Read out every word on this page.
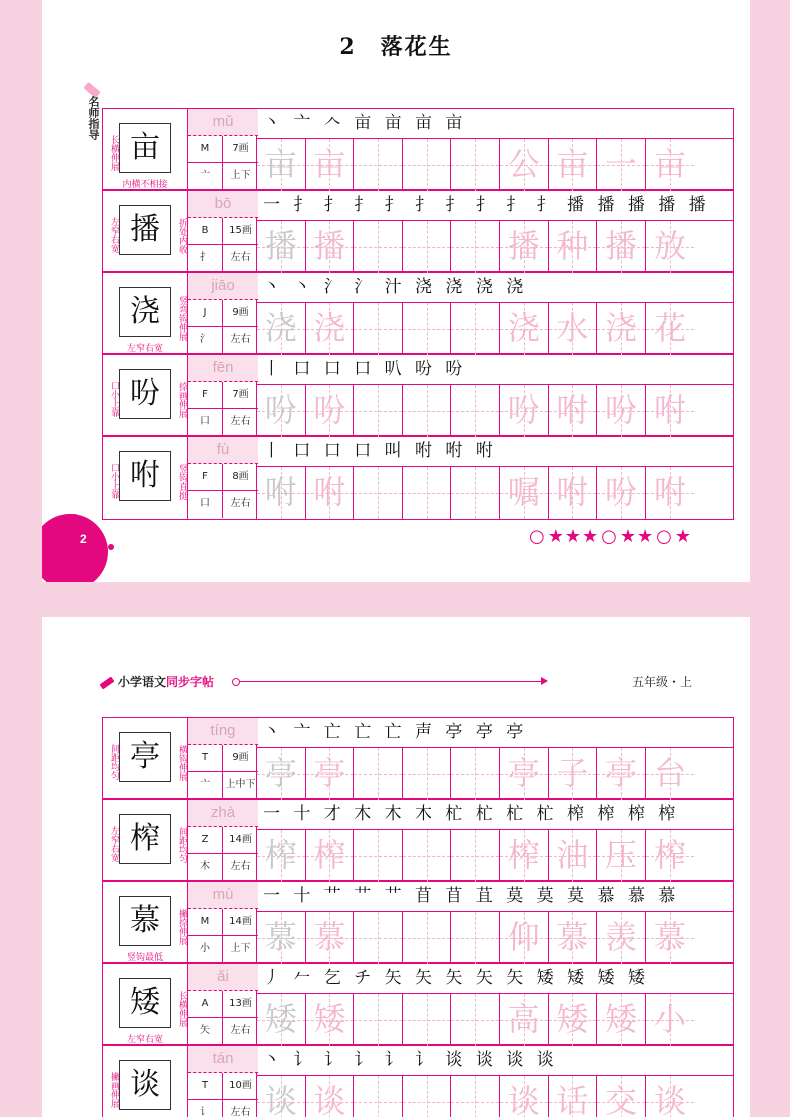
2　落花生
名师指导
长横伸展 亩
内横不相接
mǔ
M	7画
亠	上下
丶 亠 𠆢 亩 亩 亩 亩
亩 亩	公 亩 一 亩
左窄右宽 播	折处内收
bō
B	15画
扌	左右
一 扌 扌 扌 扌 扌 扌 扌 扌 扌 播 播 播 播 播
播 播	播 种 播 放
浇	竖弯钩伸展
左窄右宽
jiāo
J	9画
氵	左右
丶 丶 氵 氵 汁 浇 浇 浇 浇
浇 浇	浇 水 浇 花
口小上靠 吩	捺画伸展
fēn
F	7画
口	左右
丨 口 口 口 叭 吩 吩
吩 吩	吩 咐 吩 咐
口小上靠 咐	竖钩直挺
fù
F	8画
口	左右
丨 口 口 口 叫 咐 咐 咐
咐 咐	嘱 咐 吩 咐
2	○ ★★★ ○ ★★ ○ ★
小学语文同步字帖	五年级・上
间距均匀 亭	横钩伸展
tíng
T	9画
亠	上中下
丶 亠 亡 亡 亡 声 亭 亭 亭
亭 亭	亭 子 亭 台
左窄右宽 榨	间距均匀
zhà
Z	14画
木	左右
一 十 才 木 木 木 杧 杧 杧 杧 榨 榨 榨 榨
榨 榨	榨 油 压 榨
慕	撇捺伸展
竖钩最低
mù
M	14画
小	上下
一 十 艹 艹 艹 苜 苜 苴 莫 莫 莫 慕 慕 慕
慕 慕	仰 慕 羡 慕
矮	长横伸展
左窄右宽
ǎi
A	13画
矢	左右
丿 𠂉 乞 チ 矢 矢 矢 矢 矢 矮 矮 矮 矮
矮 矮	高 矮 矮 小
撇画伸展 谈
tán
T	10画
讠	左右
丶 讠 讠 讠 讠 讠 谈 谈 谈 谈
谈 谈	谈 话 交 谈
